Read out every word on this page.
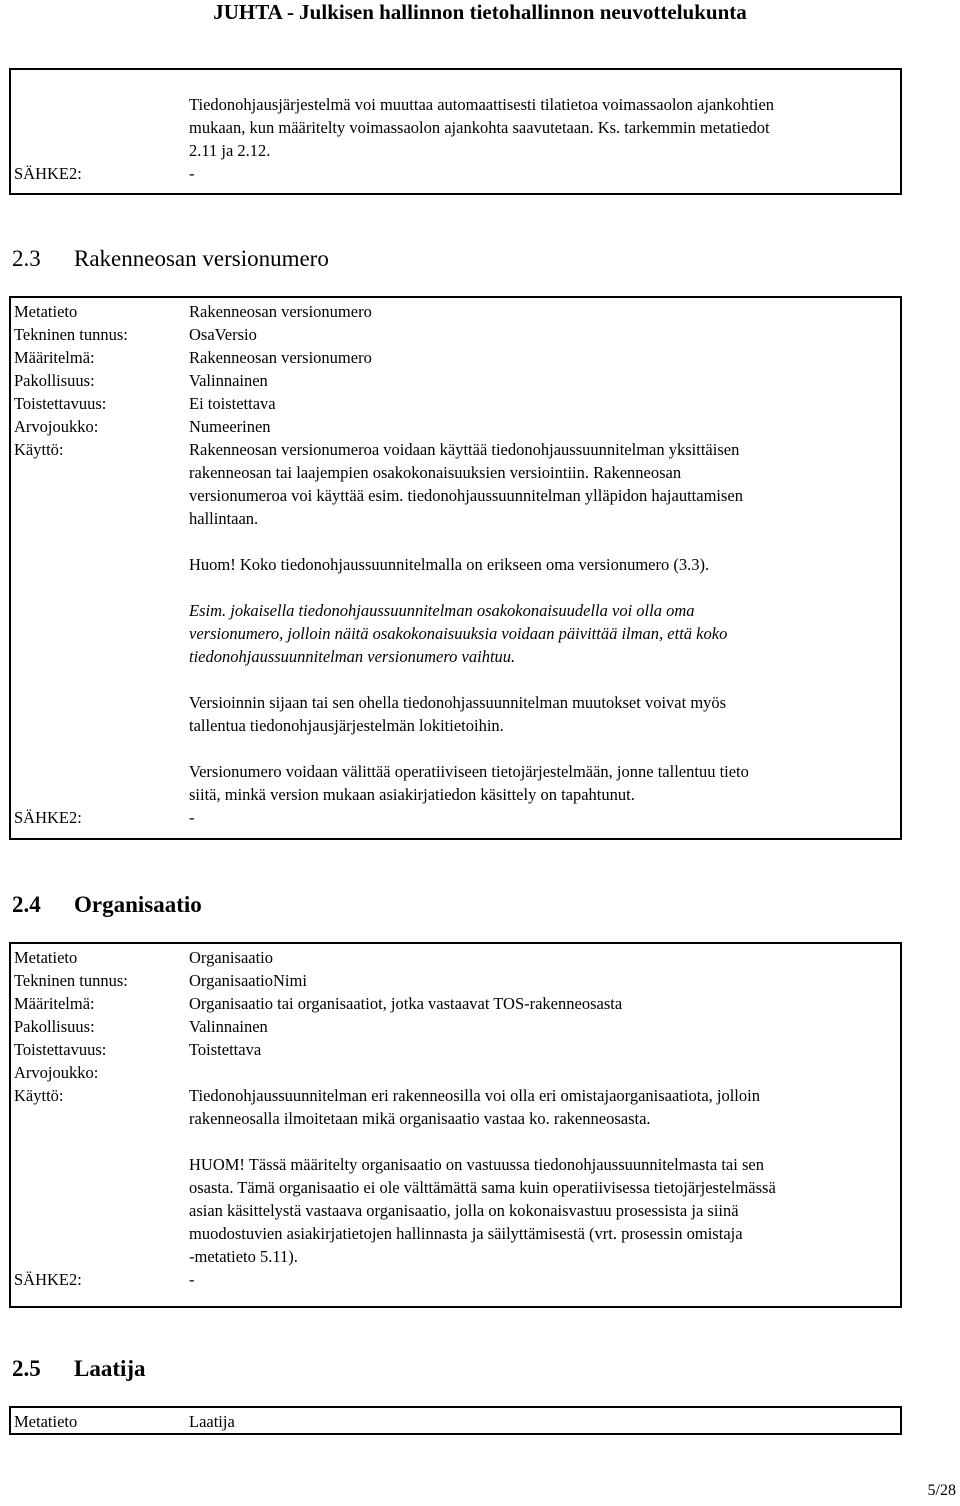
JUHTA - Julkisen hallinnon tietohallinnon neuvottelukunta
Tiedonohjausjärjestelmä voi muuttaa automaattisesti tilatietoa voimassaolon ajankohtien
mukaan, kun määritelty voimassaolon ajankohta saavutetaan. Ks. tarkemmin metatiedot
2.11 ja 2.12.
SÄHKE2:	-
2.3 Rakenneosan versionumero
Metatieto	Rakenneosan versionumero
Tekninen tunnus:	OsaVersio
Määritelmä:	Rakenneosan versionumero
Pakollisuus:	Valinnainen
Toistettavuus:	Ei toistettava
Arvojoukko:	Numeerinen
Käyttö:	Rakenneosan versionumeroa voidaan käyttää tiedonohjaussuunnitelman yksittäisen
rakenneosan tai laajempien osakokonaisuuksien versiointiin. Rakenneosan
versionumeroa voi käyttää esim. tiedonohjaussuunnitelman ylläpidon hajauttamisen
hallintaan.
Huom! Koko tiedonohjaussuunnitelmalla on erikseen oma versionumero (3.3).
Esim. jokaisella tiedonohjaussuunnitelman osakokonaisuudella voi olla oma
versionumero, jolloin näitä osakokonaisuuksia voidaan päivittää ilman, että koko
tiedonohjaussuunnitelman versionumero vaihtuu.
Versioinnin sijaan tai sen ohella tiedonohjassuunnitelman muutokset voivat myös
tallentua tiedonohjausjärjestelmän lokitietoihin.
Versionumero voidaan välittää operatiiviseen tietojärjestelmään, jonne tallentuu tieto
siitä, minkä version mukaan asiakirjatiedon käsittely on tapahtunut.
SÄHKE2:	-
2.4 Organisaatio
Metatieto	Organisaatio
Tekninen tunnus:	OrganisaatioNimi
Määritelmä:	Organisaatio tai organisaatiot, jotka vastaavat TOS-rakenneosasta
Pakollisuus:	Valinnainen
Toistettavuus:	Toistettava
Arvojoukko:
Käyttö:	Tiedonohjaussuunnitelman eri rakenneosilla voi olla eri omistajaorganisaatiota, jolloin
rakenneosalla ilmoitetaan mikä organisaatio vastaa ko. rakenneosasta.
HUOM! Tässä määritelty organisaatio on vastuussa tiedonohjaussuunnitelmasta tai sen
osasta. Tämä organisaatio ei ole välttämättä sama kuin operatiivisessa tietojärjestelmässä
asian käsittelystä vastaava organisaatio, jolla on kokonaisvastuu prosessista ja siinä
muodostuvien asiakirjatietojen hallinnasta ja säilyttämisestä (vrt. prosessin omistaja
-metatieto 5.11).
SÄHKE2:	-
2.5 Laatija
Metatieto	Laatija
5/28
